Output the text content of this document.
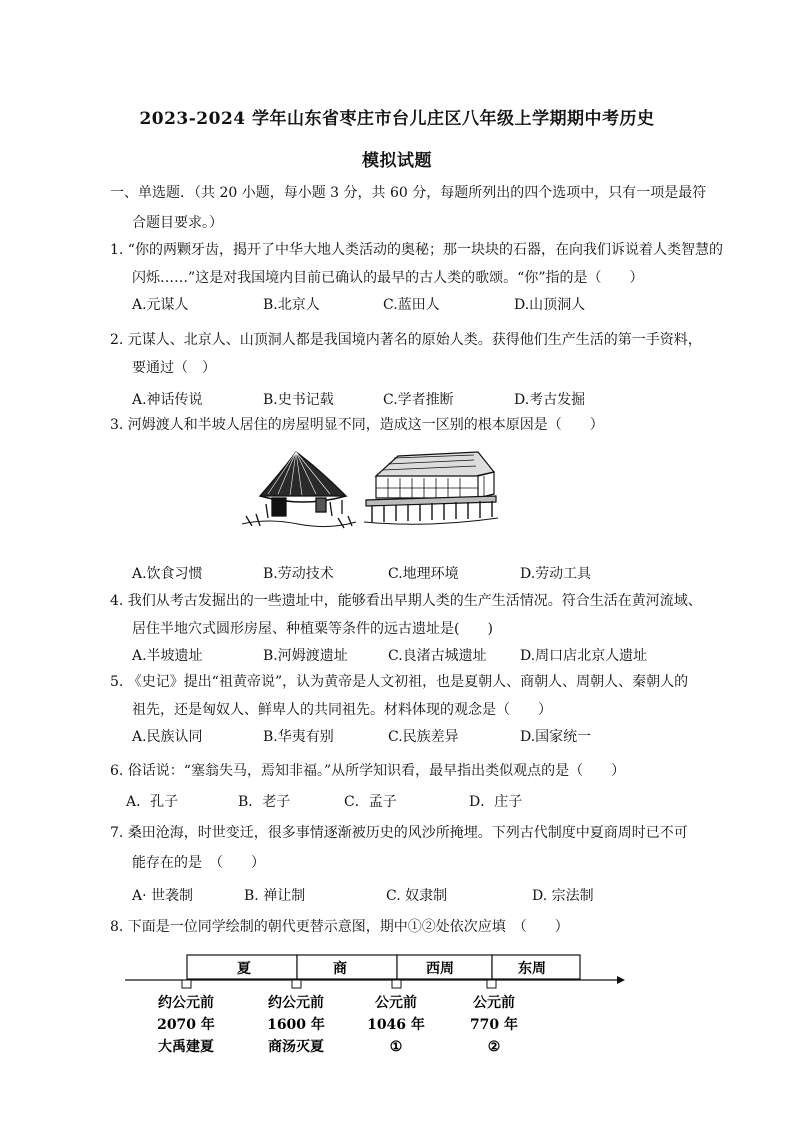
2023-2024 学年山东省枣庄市台儿庄区八年级上学期期中考历史
模拟试题
一、单选题．（共 20 小题，每小题 3 分，共 60 分，每题所列出的四个选项中，只有一项是最符
合题目要求。）
1. “你的两颗牙齿，揭开了中华大地人类活动的奥秘；那一块块的石器，在向我们诉说着人类智慧的
闪烁……”这是对我国境内目前已确认的最早的古人类的歌颂。“你”指的是（　　）
A.元谋人	B.北京人	C.蓝田人	D.山顶洞人
2. 元谋人、北京人、山顶洞人都是我国境内著名的原始人类。获得他们生产生活的第一手资料，
要通过（　）
A.神话传说	B.史书记载	C.学者推断	D.考古发掘
3. 河姆渡人和半坡人居住的房屋明显不同，造成这一区别的根本原因是（　　）
A.饮食习惯	B.劳动技术	C.地理环境	D.劳动工具
4. 我们从考古发掘出的一些遗址中，能够看出早期人类的生产生活情况。符合生活在黄河流域、
居住半地穴式圆形房屋、种植粟等条件的远古遗址是(　　)
A.半坡遗址	B.河姆渡遗址	C.良渚古城遗址 D.周口店北京人遗址
5. 《史记》提出“祖黄帝说”，认为黄帝是人文初祖，也是夏朝人、商朝人、周朝人、秦朝人的
祖先，还是匈奴人、鲜卑人的共同祖先。材料体现的观念是（　　）
A.民族认同	B.华夷有别	C.民族差异	D.国家统一
6. 俗话说：“塞翁失马，焉知非福。”从所学知识看，最早指出类似观点的是（　　）
A．孔子	B．老子	C．孟子	D．庄子
7. 桑田沧海，时世变迁，很多事情逐渐被历史的风沙所掩埋。下列古代制度中夏商周时已不可
能存在的是　（　　）
A· 世袭制	B. 禅让制	C. 奴隶制	D. 宗法制
8. 下面是一位同学绘制的朝代更替示意图，期中①②处依次应填　（　　）
夏	商	西周	东周
约公元前
2070 年
大禹建夏
约公元前
1600 年
商汤灭夏
公元前
1046 年
①
公元前
770 年
②
